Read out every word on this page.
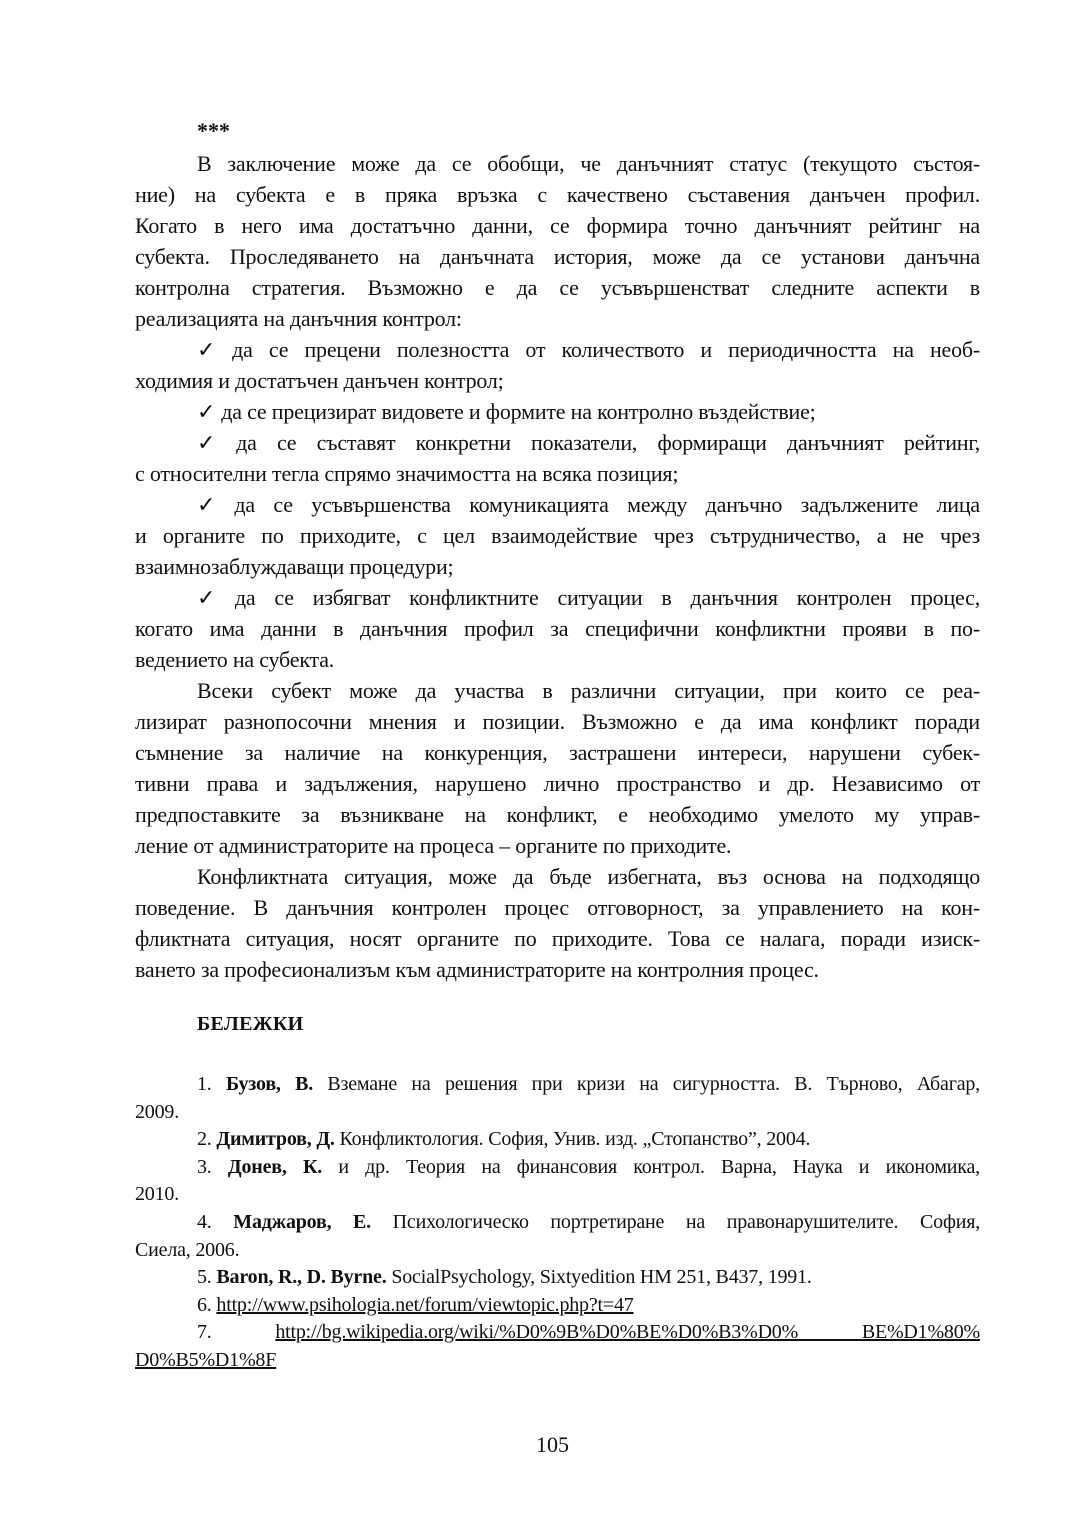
***
В заключение може да се обобщи, че данъчният статус (текущото състоя-
ние) на субекта е в пряка връзка с качествено съставения данъчен профил.
Когато в него има достатъчно данни, се формира точно данъчният рейтинг на
субекта. Проследяването на данъчната история, може да се установи данъчна
контролна стратегия. Възможно е да се усъвършенстват следните аспекти в
реализацията на данъчния контрол:
✓ да се прецени полезността от количеството и периодичността на необ-
ходимия и достатъчен данъчен контрол;
✓ да се прецизират видовете и формите на контролно въздействие;
✓ да се съставят конкретни показатели, формиращи данъчният рейтинг,
с относителни тегла спрямо значимостта на всяка позиция;
✓ да се усъвършенства комуникацията между данъчно задължените лица
и органите по приходите, с цел взаимодействие чрез сътрудничество, а не чрез
взаимнозаблуждаващи процедури;
✓ да се избягват конфликтните ситуации в данъчния контролен процес,
когато има данни в данъчния профил за специфични конфликтни прояви в по-
ведението на субекта.
Всеки субект може да участва в различни ситуации, при които се реа-
лизират разнопосочни мнения и позиции. Възможно е да има конфликт поради
съмнение за наличие на конкуренция, застрашени интереси, нарушени субек-
тивни права и задължения, нарушено лично пространство и др. Независимо от
предпоставките за възникване на конфликт, е необходимо умелото му управ-
ление от администраторите на процеса – органите по приходите.
Конфликтната ситуация, може да бъде избегната, въз основа на подходящо
поведение. В данъчния контролен процес отговорност, за управлението на кон-
фликтната ситуация, носят органите по приходите. Това се налага, поради изиск-
ването за професионализъм към администраторите на контролния процес.
БЕЛЕЖКИ
1. Бузов, В. Вземане на решения при кризи на сигурността. В. Търново, Абагар,
2009.
2. Димитров, Д. Конфликтология. София, Унив. изд. „Стопанство”, 2004.
3. Донев, К. и др. Теория на финансовия контрол. Варна, Наука и икономика,
2010.
4. Маджаров, Е. Психологическо портретиране на правонарушителите. София,
Сиела, 2006.
5. Baron, R., D. Byrne. SocialPsychology, Sixtyedition HM 251, B437, 1991.
6. http://www.psihologia.net/forum/viewtopic.php?t=47
7. http://bg.wikipedia.org/wiki/%D0%9B%D0%BE%D0%B3%D0% BE%D1%80%
D0%B5%D1%8F
105
